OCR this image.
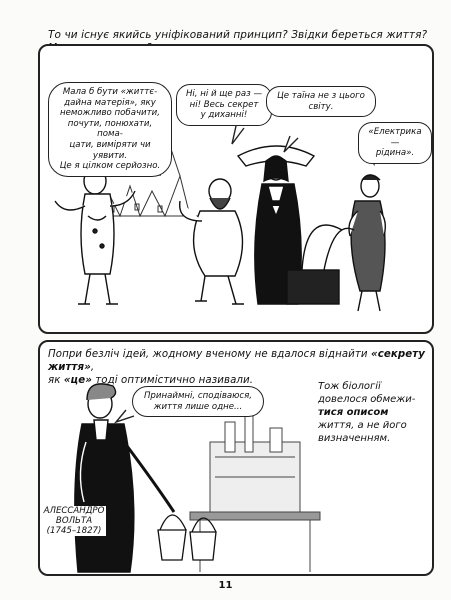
То чи існує якийсь уніфікований принцип? Звідки береться життя?
Мала б бути «життє-
дайна матерія», яку
неможливо побачити,
почути, понюхати, пома-
цати, виміряти чи уявити.
Це я цілком серйозно.
Ні, ні й ще раз —
ні! Весь секрет
у диханні!
Це таїна не з цього
світу.
«Електрика —
рідина».
Попри безліч ідей, жодному вченому не вдалося віднайти «секрету життя»,
як «це» тоді оптимістично називали.
Принаймні, сподіваюся,
життя лише одне...
Тож біології
довелося обмежи-
тися описом
життя, а не його
визначенням.
АЛЕССАНДРО
ВОЛЬТА
(1745–1827)
11
